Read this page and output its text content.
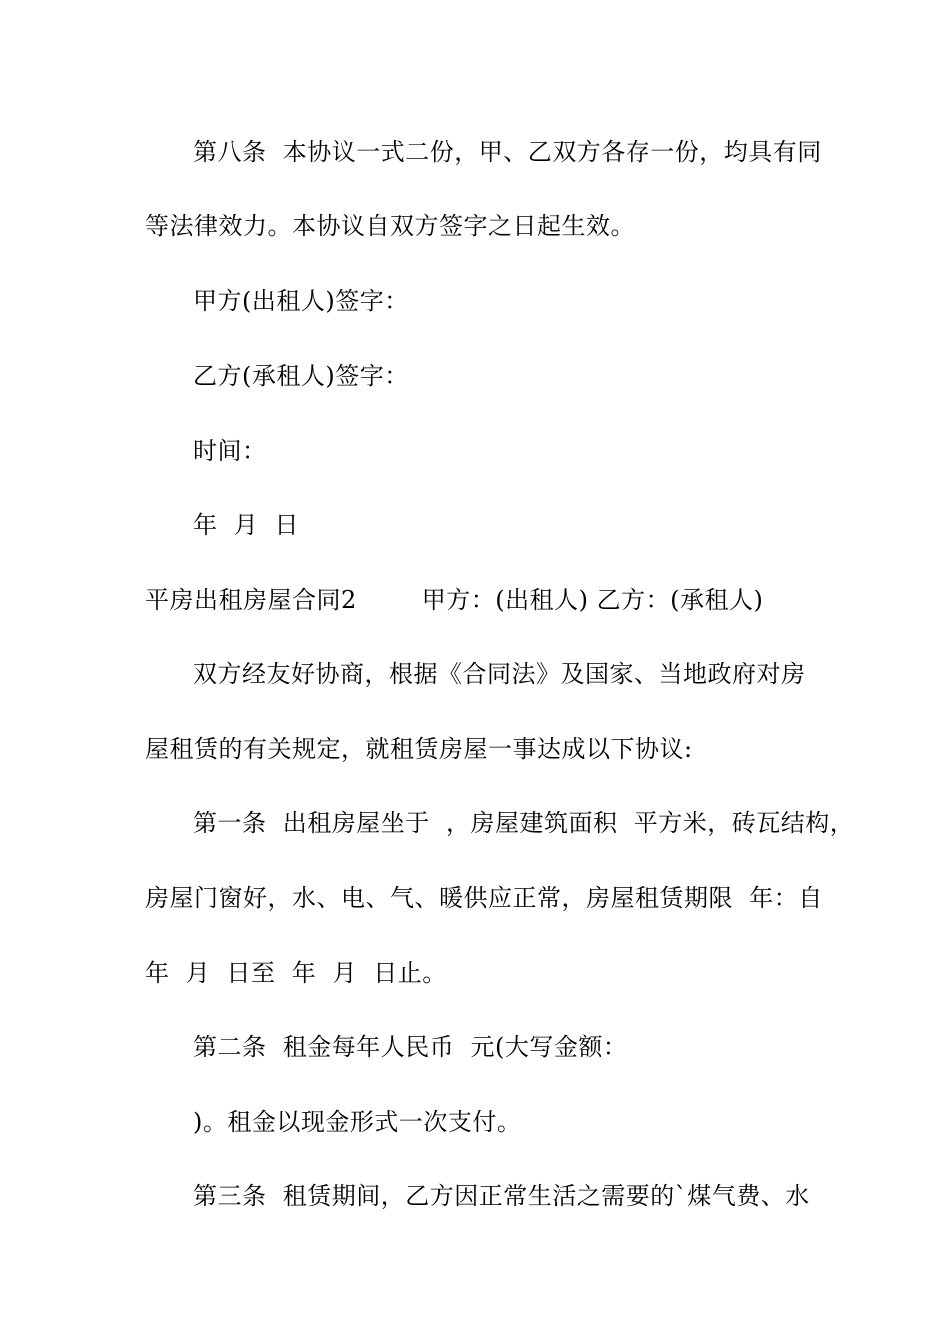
第八条  本协议一式二份，甲、乙双方各存一份，均具有同
等法律效力。本协议自双方签字之日起生效。
甲方(出租人)签字：
乙方(承租人)签字：
时间：
年  月  日
平房出租房屋合同2        甲方：(出租人) 乙方：(承租人)
双方经友好协商，根据《合同法》及国家、当地政府对房
屋租赁的有关规定，就租赁房屋一事达成以下协议:
第一条  出租房屋坐于  ，房屋建筑面积  平方米，砖瓦结构，
房屋门窗好，水、电、气、暖供应正常，房屋租赁期限  年：自
年  月  日至  年  月  日止。
第二条  租金每年人民币  元(大写金额：
)。租金以现金形式一次支付。
第三条  租赁期间，乙方因正常生活之需要的`煤气费、水
